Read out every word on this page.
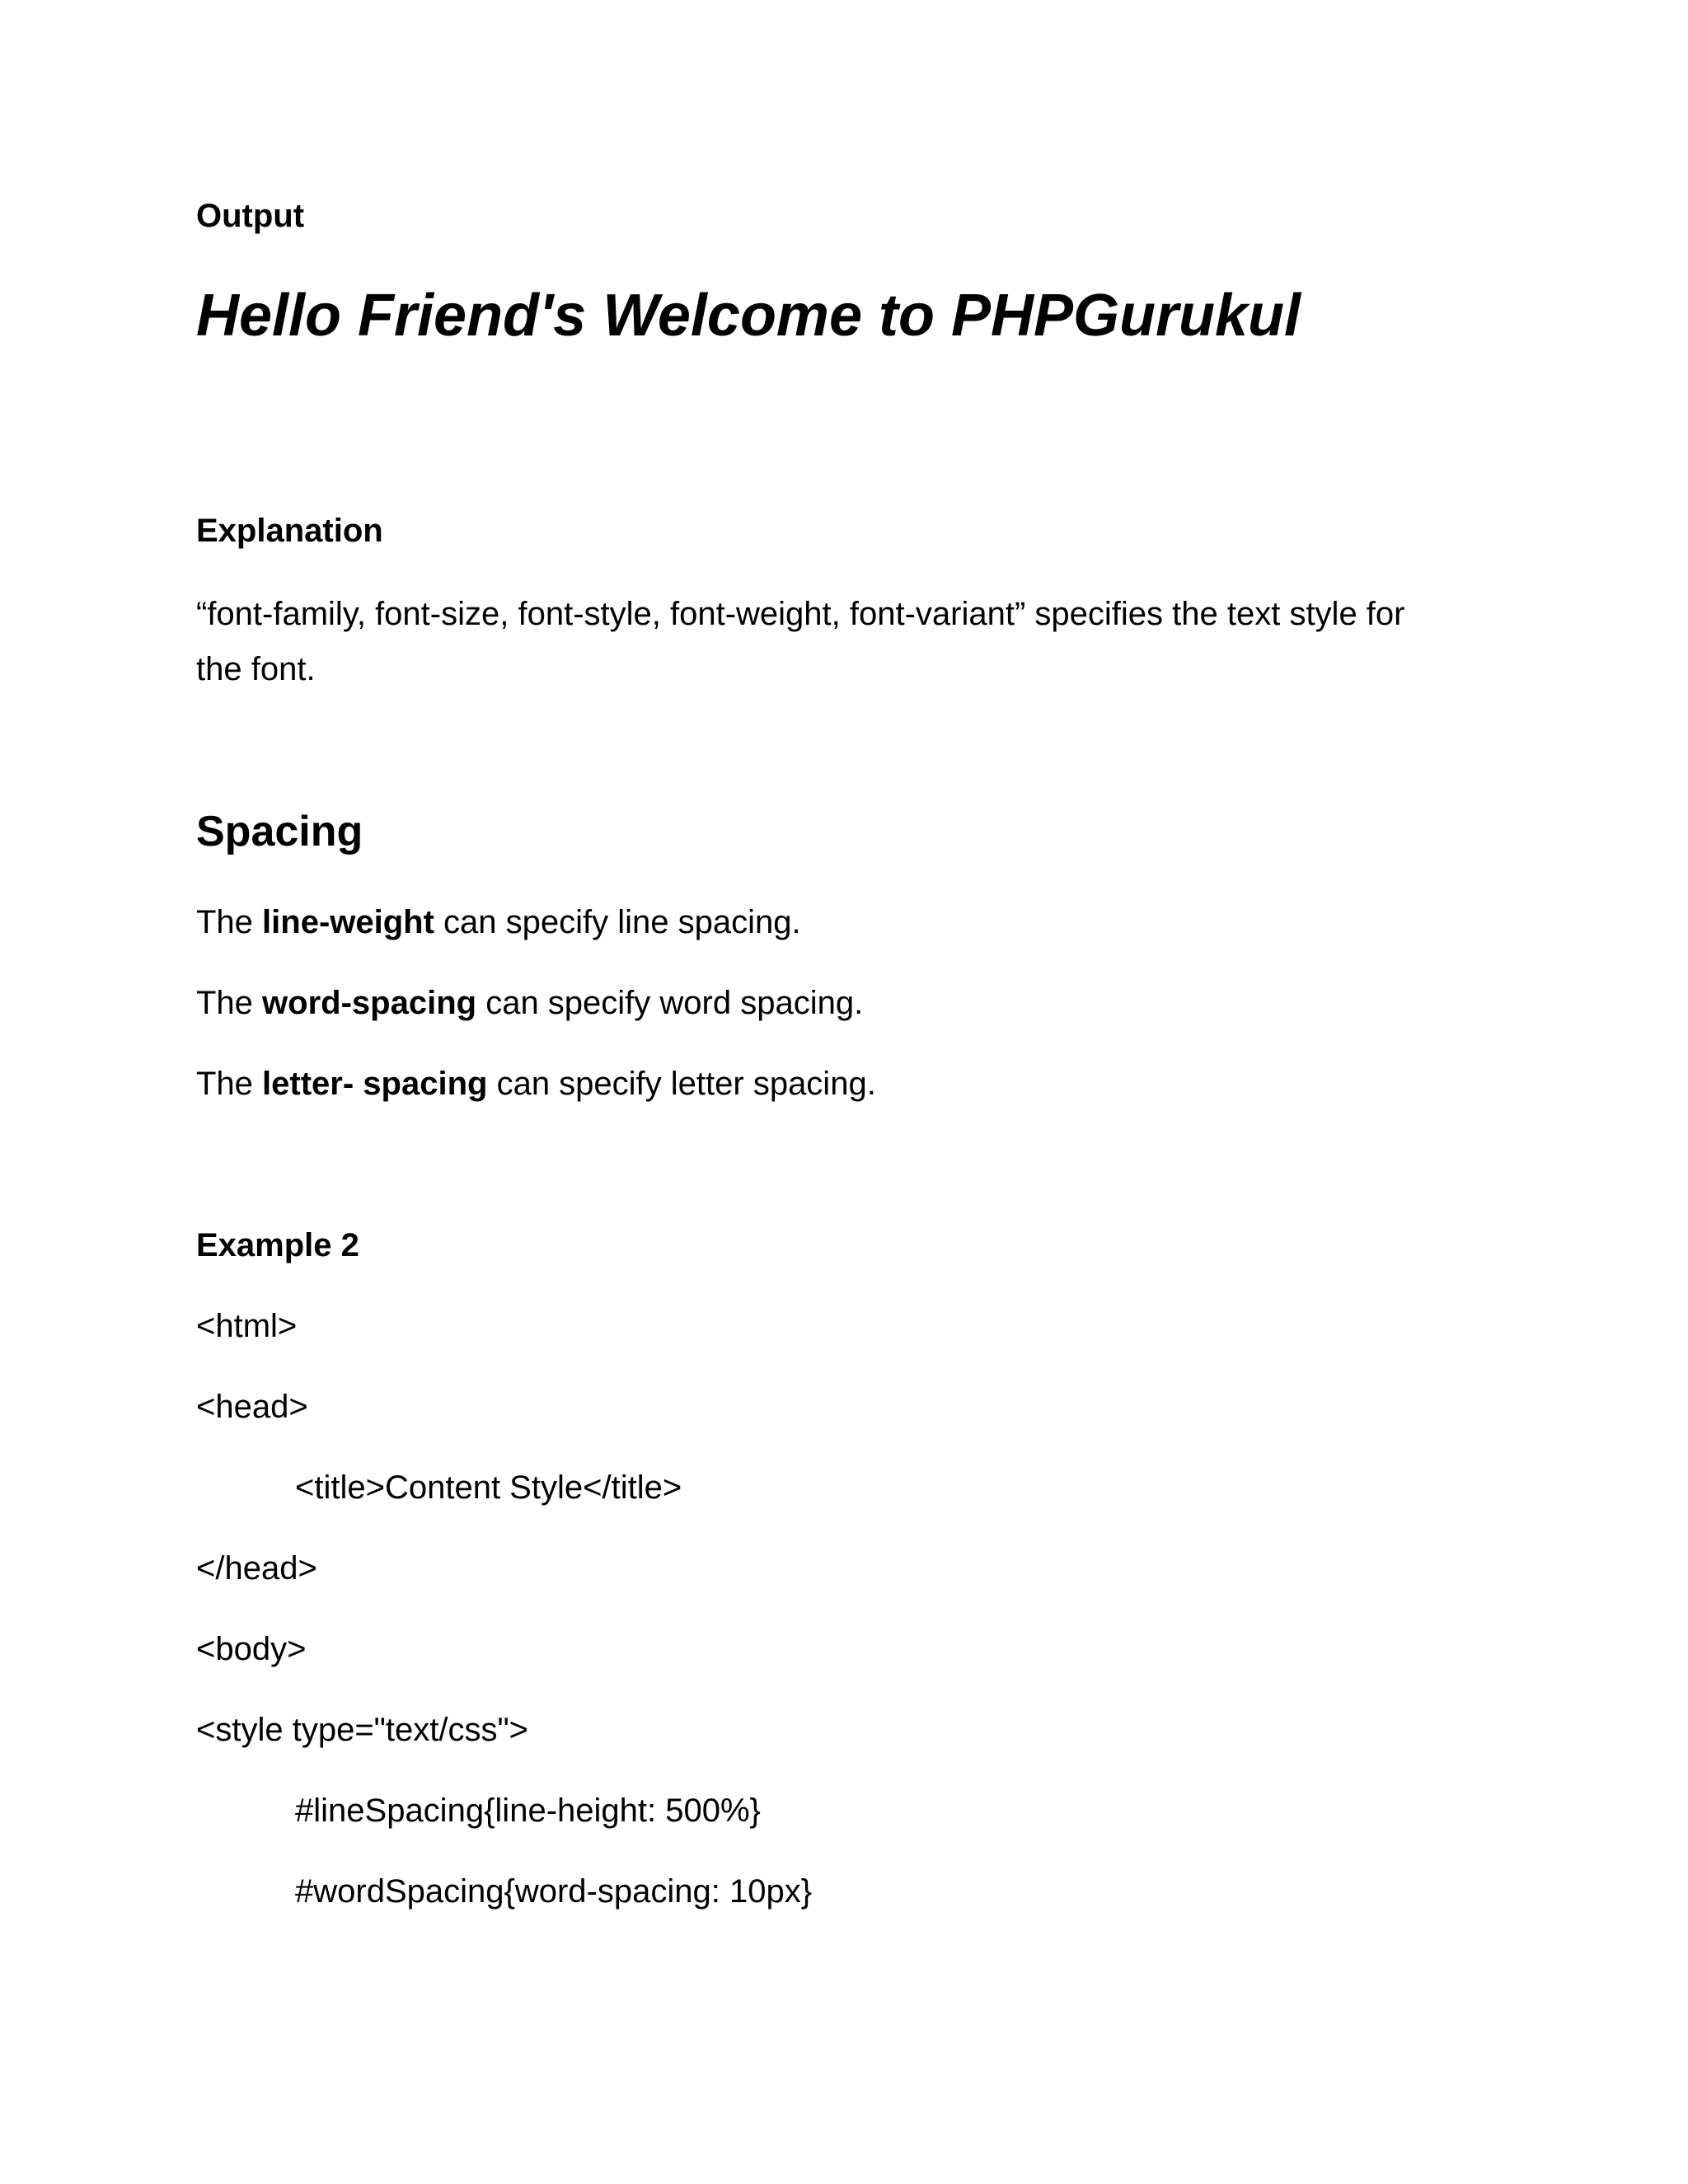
Output
Hello Friend's Welcome to PHPGurukul
Explanation
“font-family, font-size, font-style, font-weight, font-variant” specifies the text style for the font.
Spacing
The line-weight can specify line spacing.
The word-spacing can specify word spacing.
The letter- spacing can specify letter spacing.
Example 2
<html>
<head>
<title>Content Style</title>
</head>
<body>
<style type="text/css">
#lineSpacing{line-height: 500%}
#wordSpacing{word-spacing: 10px}
